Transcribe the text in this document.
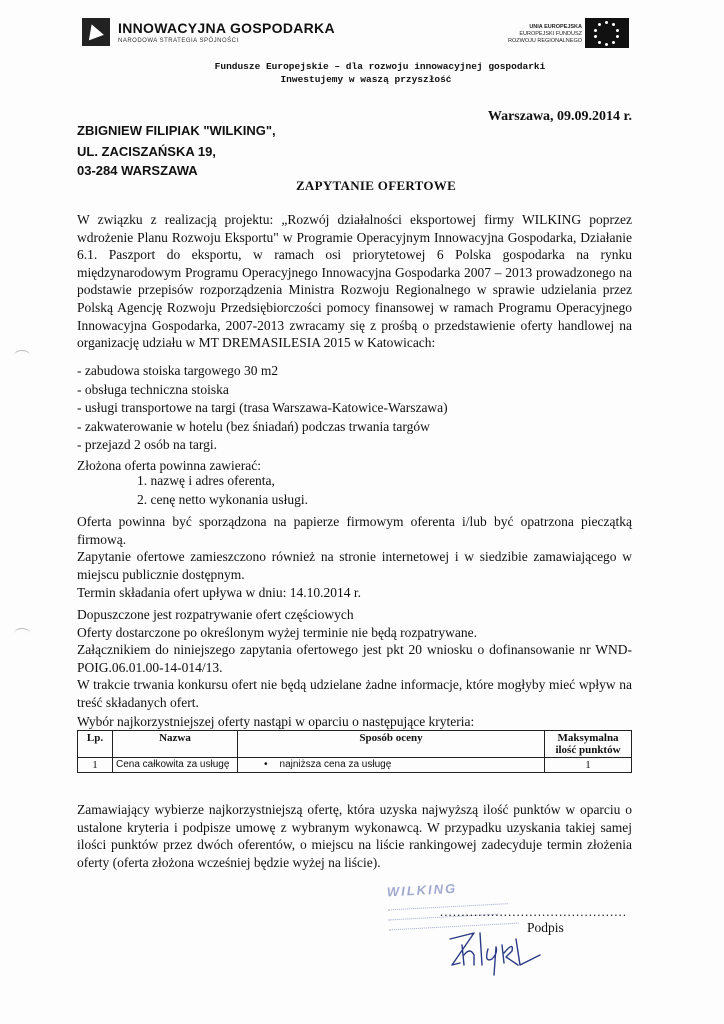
INNOWACYJNA GOSPODARKA
NARODOWA STRATEGIA SPÓJNOŚCI
UNIA EUROPEJSKA
EUROPEJSKI FUNDUSZ
ROZWOJU REGIONALNEGO
Fundusze Europejskie – dla rozwoju innowacyjnej gospodarki
Inwestujemy w waszą przyszłość
Warszawa, 09.09.2014 r.
ZBIGNIEW FILIPIAK "WILKING",
UL. ZACISZAŃSKA 19,
03-284 WARSZAWA
ZAPYTANIE OFERTOWE

W związku z realizacją projektu: „Rozwój działalności eksportowej firmy WILKING poprzez wdrożenie Planu Rozwoju Eksportu" w Programie Operacyjnym Innowacyjna Gospodarka, Działanie 6.1. Paszport do eksportu, w ramach osi priorytetowej 6 Polska gospodarka na rynku międzynarodowym Programu Operacyjnego Innowacyjna Gospodarka 2007 – 2013 prowadzonego na podstawie przepisów rozporządzenia Ministra Rozwoju Regionalnego w sprawie udzielania przez Polską Agencję Rozwoju Przedsiębiorczości pomocy finansowej w ramach Programu Operacyjnego Innowacyjna Gospodarka, 2007-2013 zwracamy się z prośbą o przedstawienie oferty handlowej na organizację udziału w MT DREMASILESIA 2015 w Katowicach:

- zabudowa stoiska targowego 30 m2
- obsługa techniczna stoiska
- usługi transportowe na targi (trasa Warszawa-Katowice-Warszawa)
- zakwaterowanie w hotelu (bez śniadań) podczas trwania targów
- przejazd 2 osób na targi.

Złożona oferta powinna zawierać:

1. nazwę i adres oferenta,
2. cenę netto wykonania usługi.

Oferta powinna być sporządzona na papierze firmowym oferenta i/lub być opatrzona pieczątką firmową.

Zapytanie ofertowe zamieszczono również na stronie internetowej i w siedzibie zamawiającego w miejscu publicznie dostępnym.

Termin składania ofert upływa w dniu: 14.10.2014 r.

Dopuszczone jest rozpatrywanie ofert częściowych
Oferty dostarczone po określonym wyżej terminie nie będą rozpatrywane.
Załącznikiem do niniejszego zapytania ofertowego jest pkt 20 wniosku o dofinansowanie nr WND-POIG.06.01.00-14-014/13.

W trakcie trwania konkursu ofert nie będą udzielane żadne informacje, które mogłyby mieć wpływ na treść składanych ofert.

Wybór najkorzystniejszej oferty nastąpi w oparciu o następujące kryteria:

Lp.	Nazwa	Sposób oceny	Maksymalna ilość punktów
1	Cena całkowita za usługę	• najniższa cena za usługę	1

Zamawiający wybierze najkorzystniejszą ofertę, która uzyska najwyższą ilość punktów w oparciu o ustalone kryteria i podpisze umowę z wybranym wykonawcą. W przypadku uzyskania takiej samej ilości punktów przez dwóch oferentów, o miejscu na liście rankingowej zadecyduje termin złożenia oferty (oferta złożona wcześniej będzie wyżej na liście).

WILKING
............................................
Podpis
